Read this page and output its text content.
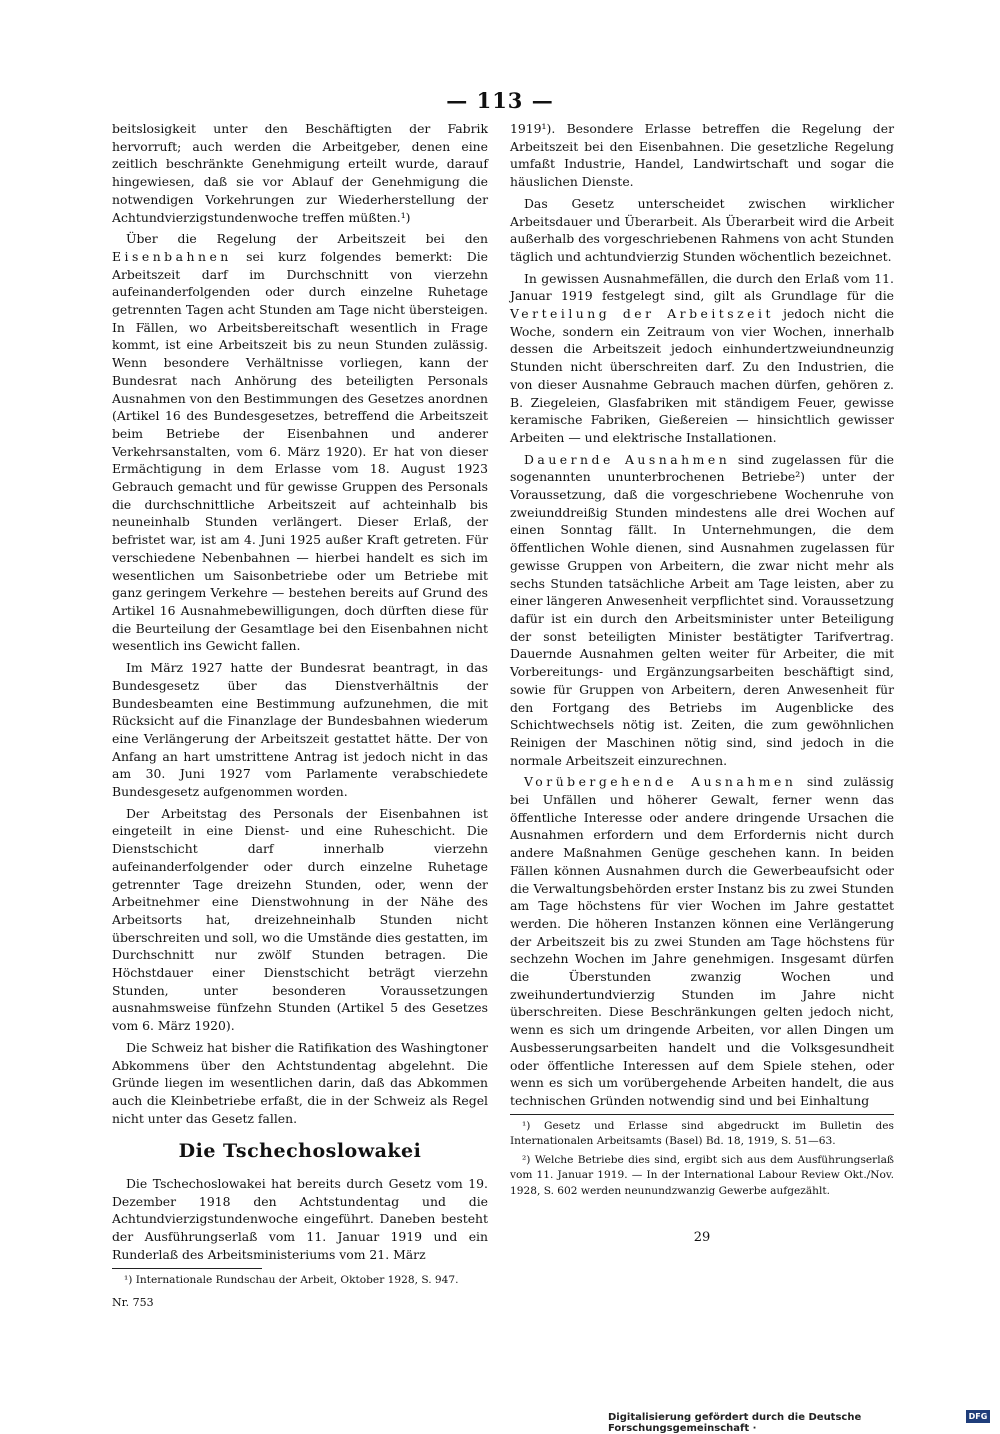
— 113 —

beitslosigkeit unter den Beschäftigten der Fabrik hervorruft; auch werden die Arbeitgeber, denen eine zeitlich beschränkte Genehmigung erteilt wurde, darauf hingewiesen, daß sie vor Ablauf der Genehmigung die notwendigen Vorkehrungen zur Wiederherstellung der Achtundvierzigstundenwoche treffen müßten.¹)

Über die Regelung der Arbeitszeit bei den Eisenbahnen sei kurz folgendes bemerkt: Die Arbeitszeit darf im Durchschnitt von vierzehn aufeinanderfolgenden oder durch einzelne Ruhetage getrennten Tagen acht Stunden am Tage nicht übersteigen. In Fällen, wo Arbeitsbereitschaft wesentlich in Frage kommt, ist eine Arbeitszeit bis zu neun Stunden zulässig. Wenn besondere Verhältnisse vorliegen, kann der Bundesrat nach Anhörung des beteiligten Personals Ausnahmen von den Bestimmungen des Gesetzes anordnen (Artikel 16 des Bundesgesetzes, betreffend die Arbeitszeit beim Betriebe der Eisenbahnen und anderer Verkehrsanstalten, vom 6. März 1920). Er hat von dieser Ermächtigung in dem Erlasse vom 18. August 1923 Gebrauch gemacht und für gewisse Gruppen des Personals die durchschnittliche Arbeitszeit auf achteinhalb bis neuneinhalb Stunden verlängert. Dieser Erlaß, der befristet war, ist am 4. Juni 1925 außer Kraft getreten. Für verschiedene Nebenbahnen — hierbei handelt es sich im wesentlichen um Saisonbetriebe oder um Betriebe mit ganz geringem Verkehre — bestehen bereits auf Grund des Artikel 16 Ausnahmebewilligungen, doch dürften diese für die Beurteilung der Gesamtlage bei den Eisenbahnen nicht wesentlich ins Gewicht fallen.

Im März 1927 hatte der Bundesrat beantragt, in das Bundesgesetz über das Dienstverhältnis der Bundesbeamten eine Bestimmung aufzunehmen, die mit Rücksicht auf die Finanzlage der Bundesbahnen wiederum eine Verlängerung der Arbeitszeit gestattet hätte. Der von Anfang an hart umstrittene Antrag ist jedoch nicht in das am 30. Juni 1927 vom Parlamente verabschiedete Bundesgesetz aufgenommen worden.

Der Arbeitstag des Personals der Eisenbahnen ist eingeteilt in eine Dienst- und eine Ruheschicht. Die Dienstschicht darf innerhalb vierzehn aufeinanderfolgender oder durch einzelne Ruhetage getrennter Tage dreizehn Stunden, oder, wenn der Arbeitnehmer eine Dienstwohnung in der Nähe des Arbeitsorts hat, dreizehneinhalb Stunden nicht überschreiten und soll, wo die Umstände dies gestatten, im Durchschnitt nur zwölf Stunden betragen. Die Höchstdauer einer Dienstschicht beträgt vierzehn Stunden, unter besonderen Voraussetzungen ausnahmsweise fünfzehn Stunden (Artikel 5 des Gesetzes vom 6. März 1920).

Die Schweiz hat bisher die Ratifikation des Washingtoner Abkommens über den Achtstundentag abgelehnt. Die Gründe liegen im wesentlichen darin, daß das Abkommen auch die Kleinbetriebe erfaßt, die in der Schweiz als Regel nicht unter das Gesetz fallen.

Die Tschechoslowakei

Die Tschechoslowakei hat bereits durch Gesetz vom 19. Dezember 1918 den Achtstundentag und die Achtundvierzigstundenwoche eingeführt. Daneben besteht der Ausführungserlaß vom 11. Januar 1919 und ein Runderlaß des Arbeitsministeriums vom 21. März

¹) Internationale Rundschau der Arbeit, Oktober 1928, S. 947.

Nr. 753

1919¹). Besondere Erlasse betreffen die Regelung der Arbeitszeit bei den Eisenbahnen. Die gesetzliche Regelung umfaßt Industrie, Handel, Landwirtschaft und sogar die häuslichen Dienste.

Das Gesetz unterscheidet zwischen wirklicher Arbeitsdauer und Überarbeit. Als Überarbeit wird die Arbeit außerhalb des vorgeschriebenen Rahmens von acht Stunden täglich und achtundvierzig Stunden wöchentlich bezeichnet.

In gewissen Ausnahmefällen, die durch den Erlaß vom 11. Januar 1919 festgelegt sind, gilt als Grundlage für die Verteilung der Arbeitszeit jedoch nicht die Woche, sondern ein Zeitraum von vier Wochen, innerhalb dessen die Arbeitszeit jedoch einhundertzweiundneunzig Stunden nicht überschreiten darf. Zu den Industrien, die von dieser Ausnahme Gebrauch machen dürfen, gehören z. B. Ziegeleien, Glasfabriken mit ständigem Feuer, gewisse keramische Fabriken, Gießereien — hinsichtlich gewisser Arbeiten — und elektrische Installationen.

Dauernde Ausnahmen sind zugelassen für die sogenannten ununterbrochenen Betriebe²) unter der Voraussetzung, daß die vorgeschriebene Wochenruhe von zweiunddreißig Stunden mindestens alle drei Wochen auf einen Sonntag fällt. In Unternehmungen, die dem öffentlichen Wohle dienen, sind Ausnahmen zugelassen für gewisse Gruppen von Arbeitern, die zwar nicht mehr als sechs Stunden tatsächliche Arbeit am Tage leisten, aber zu einer längeren Anwesenheit verpflichtet sind. Voraussetzung dafür ist ein durch den Arbeitsminister unter Beteiligung der sonst beteiligten Minister bestätigter Tarifvertrag. Dauernde Ausnahmen gelten weiter für Arbeiter, die mit Vorbereitungs- und Ergänzungsarbeiten beschäftigt sind, sowie für Gruppen von Arbeitern, deren Anwesenheit für den Fortgang des Betriebs im Augenblicke des Schichtwechsels nötig ist. Zeiten, die zum gewöhnlichen Reinigen der Maschinen nötig sind, sind jedoch in die normale Arbeitszeit einzurechnen.

Vorübergehende Ausnahmen sind zulässig bei Unfällen und höherer Gewalt, ferner wenn das öffentliche Interesse oder andere dringende Ursachen die Ausnahmen erfordern und dem Erfordernis nicht durch andere Maßnahmen Genüge geschehen kann. In beiden Fällen können Ausnahmen durch die Gewerbeaufsicht oder die Verwaltungsbehörden erster Instanz bis zu zwei Stunden am Tage höchstens für vier Wochen im Jahre gestattet werden. Die höheren Instanzen können eine Verlängerung der Arbeitszeit bis zu zwei Stunden am Tage höchstens für sechzehn Wochen im Jahre genehmigen. Insgesamt dürfen die Überstunden zwanzig Wochen und zweihundertundvierzig Stunden im Jahre nicht überschreiten. Diese Beschränkungen gelten jedoch nicht, wenn es sich um dringende Arbeiten, vor allen Dingen um Ausbesserungsarbeiten handelt und die Volksgesundheit oder öffentliche Interessen auf dem Spiele stehen, oder wenn es sich um vorübergehende Arbeiten handelt, die aus technischen Gründen notwendig sind und bei Einhaltung

¹) Gesetz und Erlasse sind abgedruckt im Bulletin des Internationalen Arbeitsamts (Basel) Bd. 18, 1919, S. 51—63.

²) Welche Betriebe dies sind, ergibt sich aus dem Ausführungserlaß vom 11. Januar 1919. — In der International Labour Review Okt./Nov. 1928, S. 602 werden neunundzwanzig Gewerbe aufgezählt.

29
Digitalisierung gefördert durch die Deutsche Forschungsgemeinschaft ·
DFG
